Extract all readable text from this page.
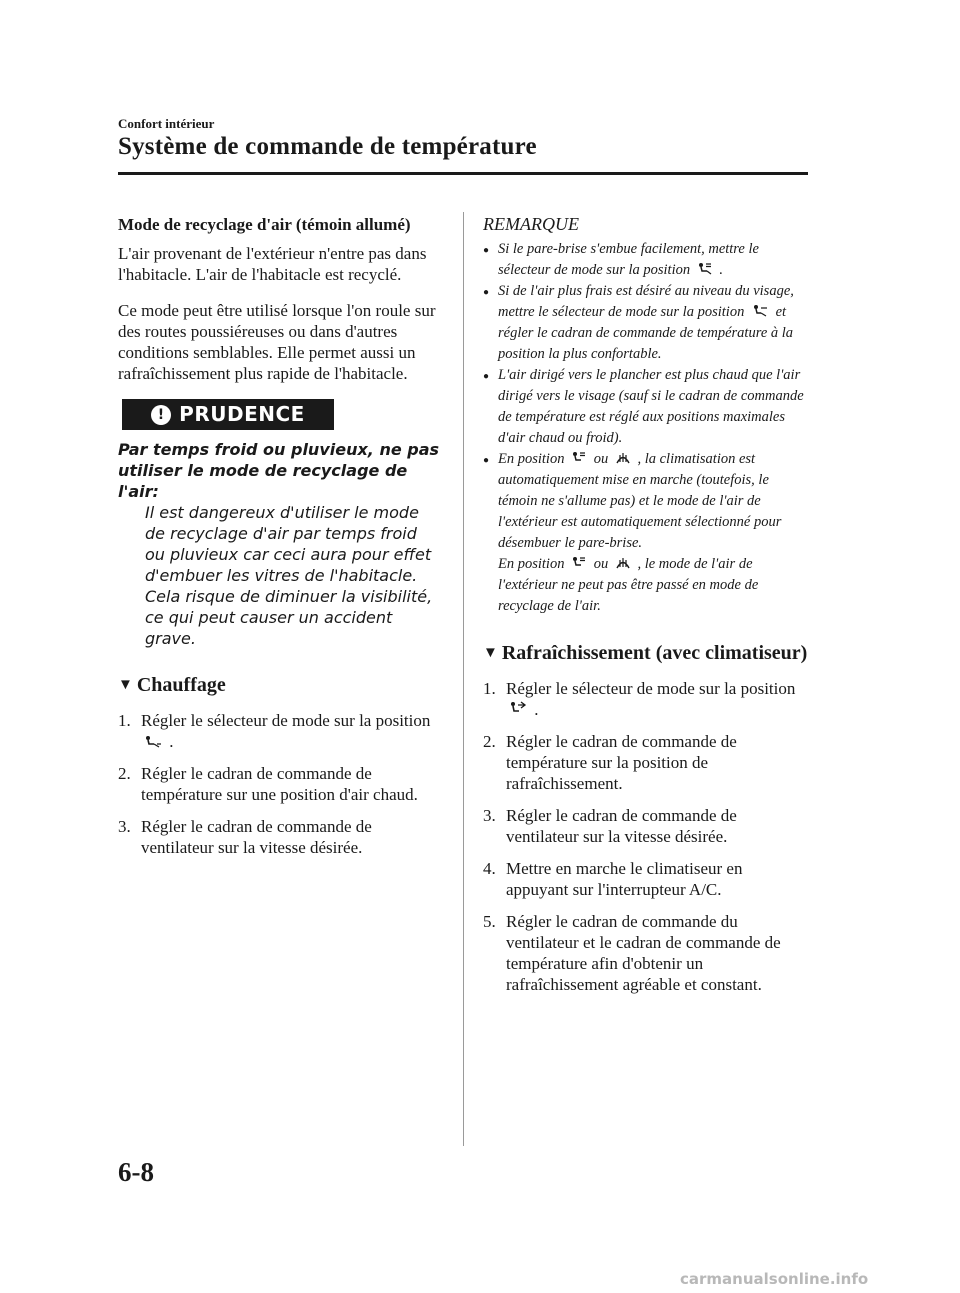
Confort intérieur
Système de commande de température
Mode de recyclage d'air (témoin allumé)
L'air provenant de l'extérieur n'entre pas dans l'habitacle. L'air de l'habitacle est recyclé.
Ce mode peut être utilisé lorsque l'on roule sur des routes poussiéreuses ou dans d'autres conditions semblables. Elle permet aussi un rafraîchissement plus rapide de l'habitacle.
! PRUDENCE
Par temps froid ou pluvieux, ne pas utiliser le mode de recyclage de l'air:
Il est dangereux d'utiliser le mode de recyclage d'air par temps froid ou pluvieux car ceci aura pour effet d'embuer les vitres de l'habitacle. Cela risque de diminuer la visibilité, ce qui peut causer un accident grave.
▼ Chauffage
1. Régler le sélecteur de mode sur la position  .
2. Régler le cadran de commande de température sur une position d'air chaud.
3. Régler le cadran de commande de ventilateur sur la vitesse désirée.
REMARQUE
● Si le pare-brise s'embue facilement, mettre le sélecteur de mode sur la position .
● Si de l'air plus frais est désiré au niveau du visage, mettre le sélecteur de mode sur la position et régler le cadran de commande de température à la position la plus confortable.
● L'air dirigé vers le plancher est plus chaud que l'air dirigé vers le visage (sauf si le cadran de commande de température est réglé aux positions maximales d'air chaud ou froid).
● En position ou , la climatisation est automatiquement mise en marche (toutefois, le témoin ne s'allume pas) et le mode de l'air de l'extérieur est automatiquement sélectionné pour désembuer le pare-brise.
En position ou , le mode de l'air de l'extérieur ne peut pas être passé en mode de recyclage de l'air.
▼ Rafraîchissement (avec climatiseur)
1. Régler le sélecteur de mode sur la position  .
2. Régler le cadran de commande de température sur la position de rafraîchissement.
3. Régler le cadran de commande de ventilateur sur la vitesse désirée.
4. Mettre en marche le climatiseur en appuyant sur l'interrupteur A/C.
5. Régler le cadran de commande du ventilateur et le cadran de commande de température afin d'obtenir un rafraîchissement agréable et constant.
6-8
carmanualsonline.info
